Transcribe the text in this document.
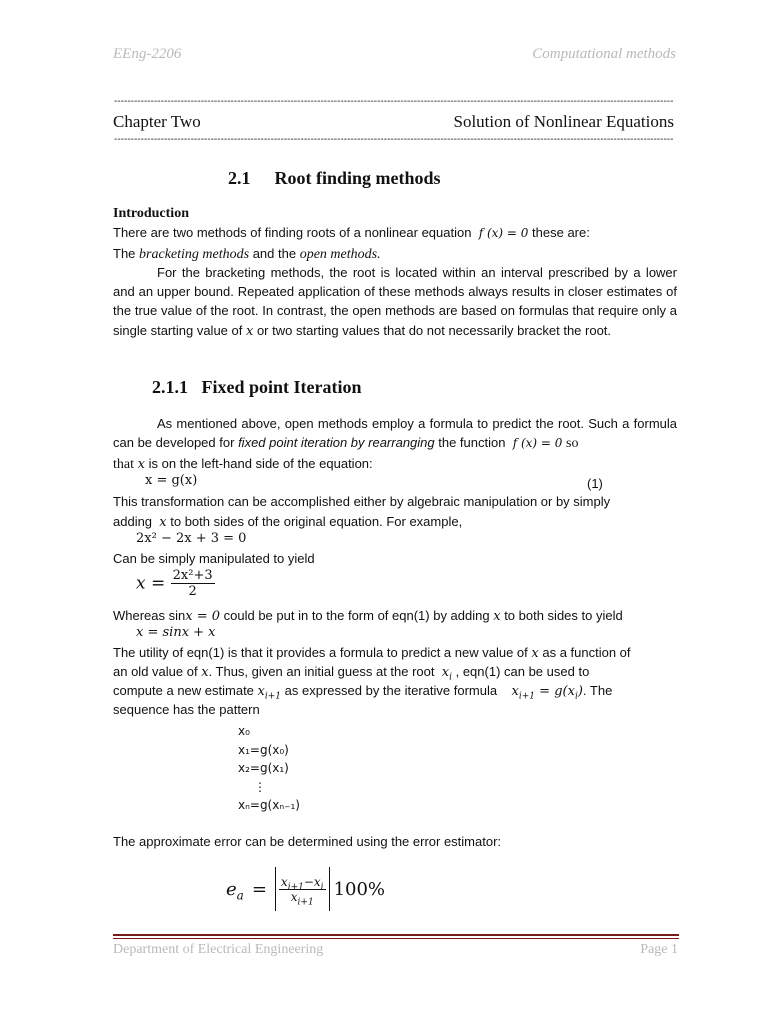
EEng-2206	Computational methods
------------------------------------------------------------------------------------------------------------------------------------------------------------------------
Chapter Two	Solution of Nonlinear Equations
------------------------------------------------------------------------------------------------------------------------------------------------------------------------
2.1 Root finding methods
Introduction
There are two methods of finding roots of a nonlinear equation f (x) = 0 these are:
The bracketing methods and the open methods.
For the bracketing methods, the root is located within an interval prescribed by a lower and an upper bound. Repeated application of these methods always results in closer estimates of the true value of the root. In contrast, the open methods are based on formulas that require only a single starting value of x or two starting values that do not necessarily bracket the root.
2.1.1 Fixed point Iteration
As mentioned above, open methods employ a formula to predict the root. Such a formula can be developed for fixed point iteration by rearranging the function f (x) = 0 so
that x is on the left-hand side of the equation:
x = g(x)	(1)
This transformation can be accomplished either by algebraic manipulation or by simply
adding x to both sides of the original equation. For example,
2x² − 2x + 3 = 0
Can be simply manipulated to yield
$x = \frac{\text{2x²+3}}{2}$
Whereas sinx = 0 could be put in to the form of eqn(1) by adding x to both sides to yield
x = sinx + x
The utility of eqn(1) is that it provides a formula to predict a new value of x as a function of
an old value of x. Thus, given an initial guess at the root $x_i$ , eqn(1) can be used to
compute a new estimate $x_{i+1}$ as expressed by the iterative formula $x_{i+1} = g(x_i)$. The
sequence has the pattern
x₀
x₁=g(x₀)
x₂=g(x₁)
⋮
xₙ=g(xₙ₋₁)
The approximate error can be determined using the error estimator:
$e_a = \frac{x_{i+1}-x_i}{x_{i+1}} 100\%$
Department of Electrical Engineering	Page 1
